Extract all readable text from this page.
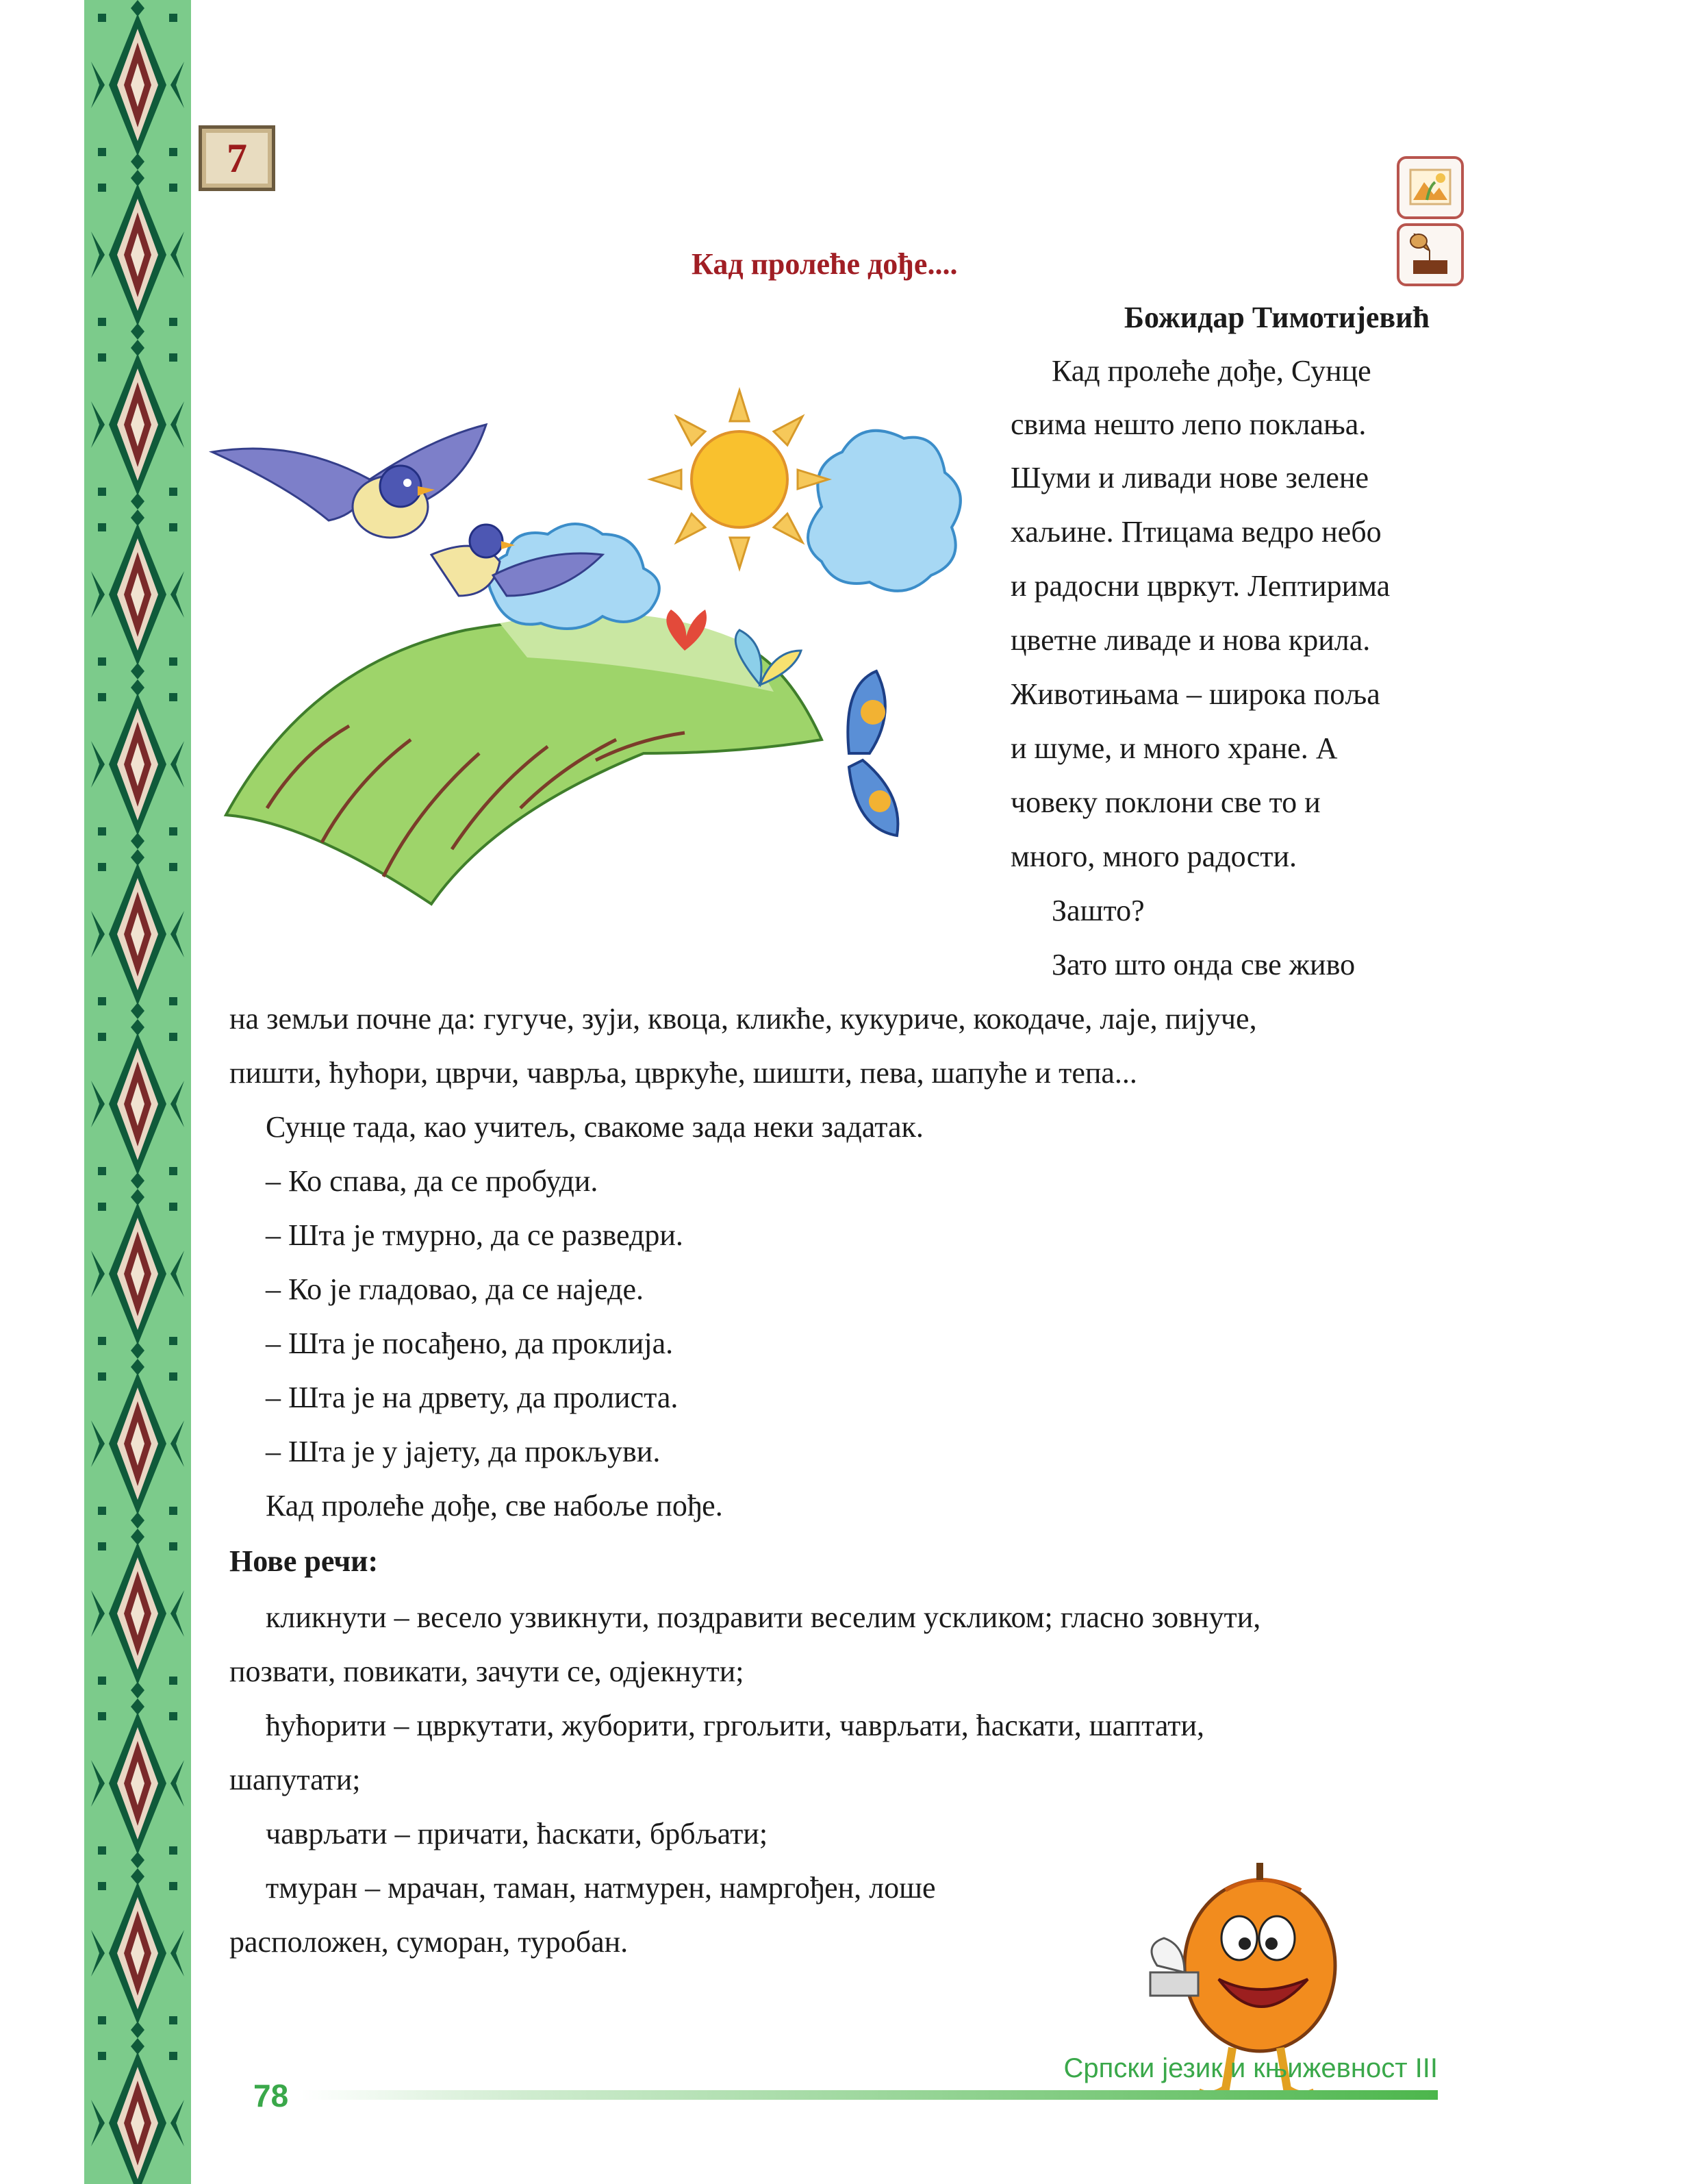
7
Кад пролеће дође....
Божидар Тимотијевић
Кад пролеће дође, Сунце
свима нешто лепо поклања.
Шуми и ливади нове зелене
хаљине. Птицама ведро небо
и радосни цвркут. Лептирима
цветне ливаде и нова крила.
Животињама – широка поља
и шуме, и много хране. А
човеку поклони све то и
много, много радости.
Зашто?
Зато што онда све живо
на земљи почне да: гугуче, зуји, квоца, кликће, кукуриче, кокодаче, лаје, пијуче,
пишти, ћућори, цврчи, чаврља, цвркуће, шишти, пева, шапуће и тепа...
Сунце тада, као учитељ, свакоме зада неки задатак.
– Ко спава, да се пробуди.
– Шта је тмурно, да се разведри.
– Ко је гладовао, да се наједе.
– Шта је посађено, да проклија.
– Шта је на дрвету, да пролиста.
– Шта је у јајету, да прокљуви.
Кад пролеће дође, све набоље пође.
Нове речи:
кликнути – весело узвикнути, поздравити веселим ускликом; гласно зовнути,
позвати, повикати, зачути се, одјекнути;
ћућорити – цвркутати, жуборити, гргољити, чаврљати, ћаскати, шаптати,
шапутати;
чаврљати – причати, ћаскати, брбљати;
тмуран – мрачан, таман, натмурен, намргођен, лоше
расположен, суморан, туробан.
78
Српски језик и књижевност III
